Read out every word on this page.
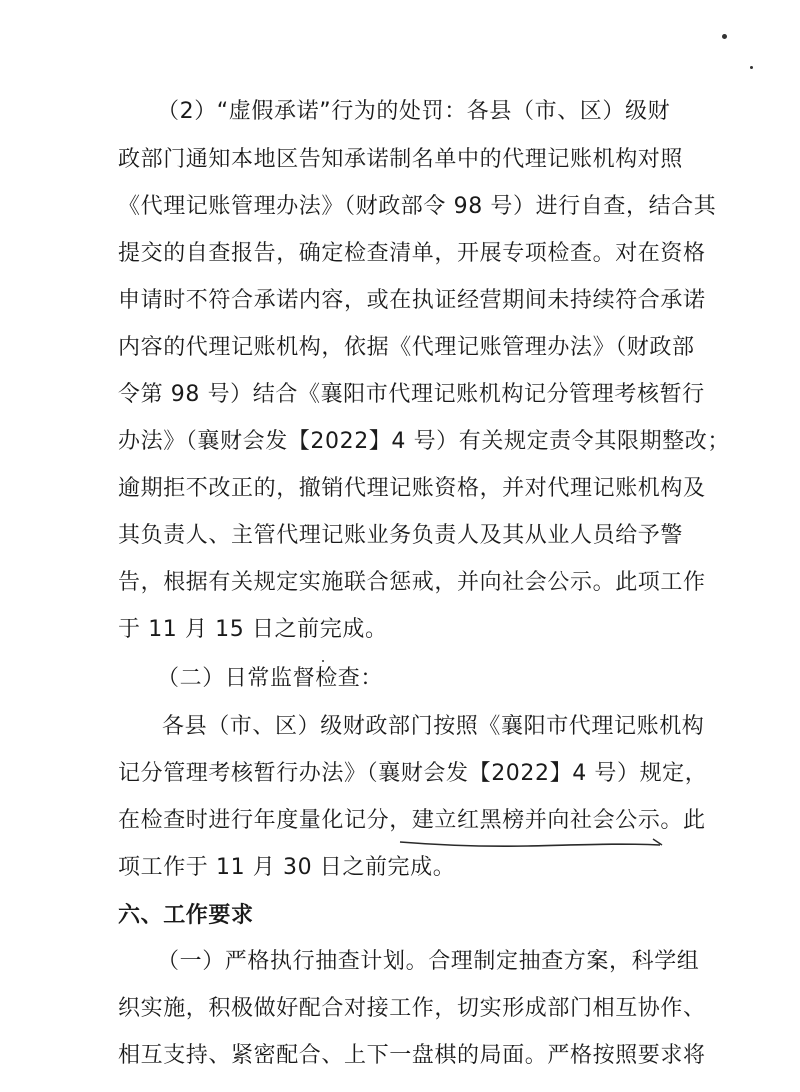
（2）“虚假承诺”行为的处罚：各县（市、区）级财
政部门通知本地区告知承诺制名单中的代理记账机构对照
《代理记账管理办法》（财政部令 98 号）进行自查，结合其
提交的自查报告，确定检查清单，开展专项检查。对在资格
申请时不符合承诺内容，或在执证经营期间未持续符合承诺
内容的代理记账机构，依据《代理记账管理办法》（财政部
令第 98 号）结合《襄阳市代理记账机构记分管理考核暂行
办法》（襄财会发【2022】4 号）有关规定责令其限期整改；
逾期拒不改正的，撤销代理记账资格，并对代理记账机构及
其负责人、主管代理记账业务负责人及其从业人员给予警
告，根据有关规定实施联合惩戒，并向社会公示。此项工作
于 11 月 15 日之前完成。
（二）日常监督检查：
各县（市、区）级财政部门按照《襄阳市代理记账机构
记分管理考核暂行办法》（襄财会发【2022】4 号）规定，
在检查时进行年度量化记分，建立红黑榜并向社会公示。此
项工作于 11 月 30 日之前完成。
六、工作要求
（一）严格执行抽查计划。合理制定抽查方案，科学组
织实施，积极做好配合对接工作，切实形成部门相互协作、
相互支持、紧密配合、上下一盘棋的局面。严格按照要求将
